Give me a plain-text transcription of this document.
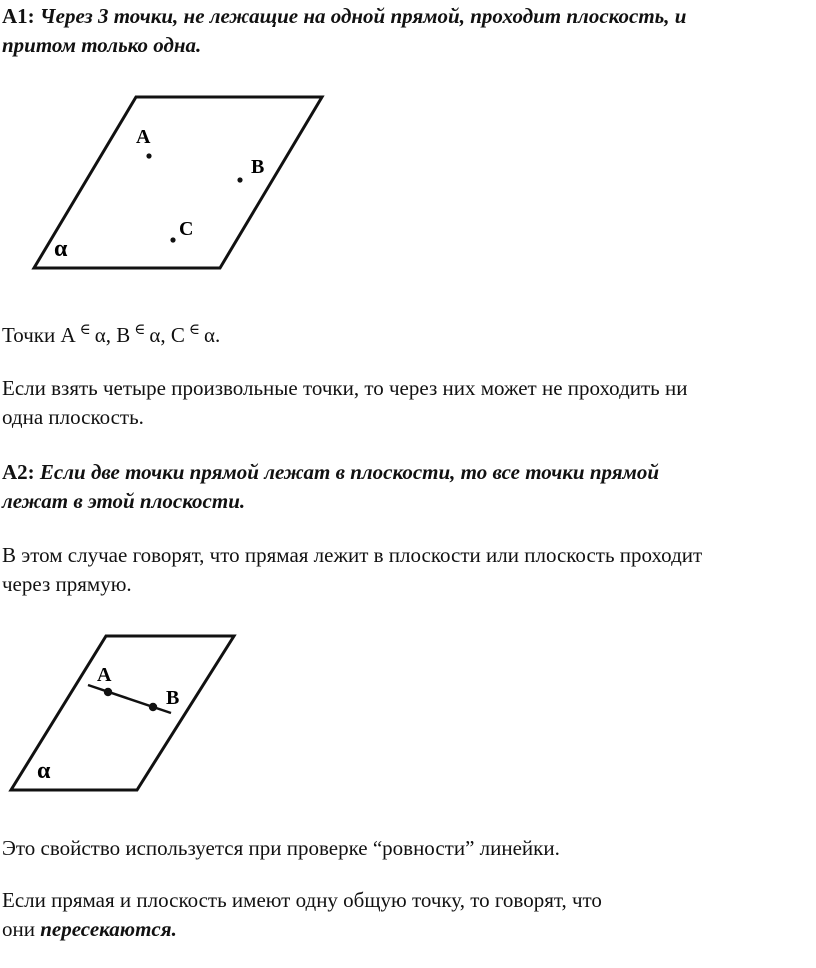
А1: Через 3 точки, не лежащие на одной прямой, проходит плоскость, и
притом только одна.
A
B
C
α
A
B
α
Точки А ∈ α, В ∈ α, С ∈ α.
Если взять четыре произвольные точки, то через них может не проходить ни
одна плоскость.
А2: Если две точки прямой лежат в плоскости, то все точки прямой
лежат в этой плоскости.
В этом случае говорят, что прямая лежит в плоскости или плоскость проходит
через прямую.
Это свойство используется при проверке “ровности” линейки.
Если прямая и плоскость имеют одну общую точку, то говорят, что
они пересекаются.
